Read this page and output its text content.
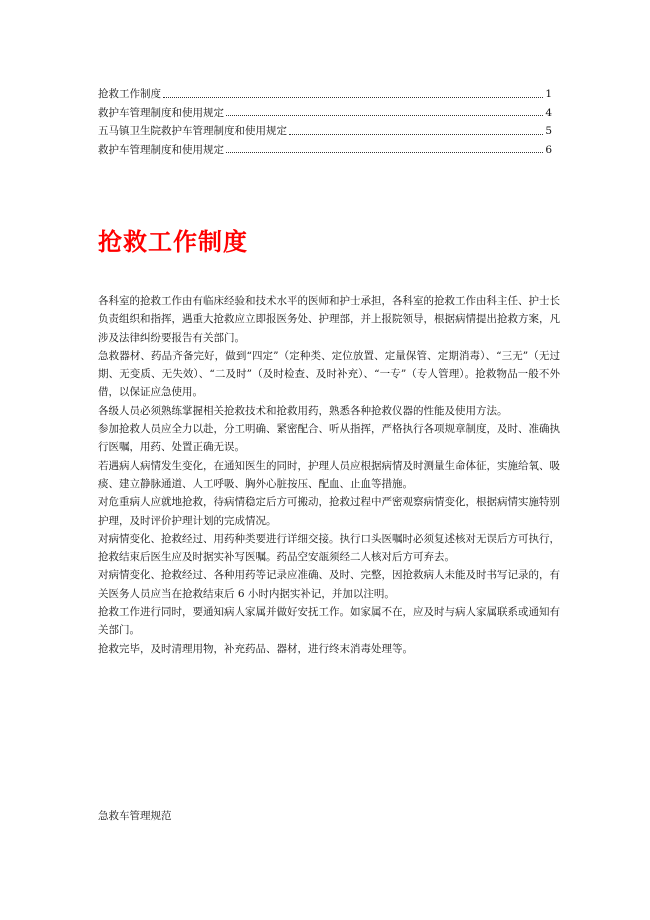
抢救工作制度	1
救护车管理制度和使用规定	4
五马镇卫生院救护车管理制度和使用规定	5
救护车管理制度和使用规定	6
抢救工作制度

各科室的抢救工作由有临床经验和技术水平的医师和护士承担，各科室的抢救工作由科主任、护士长负责组织和指挥，遇重大抢救应立即报医务处、护理部，并上报院领导，根据病情提出抢救方案，凡涉及法律纠纷要报告有关部门。

急救器材、药品齐备完好，做到“四定”（定种类、定位放置、定量保管、定期消毒）、“三无”（无过期、无变质、无失效）、“二及时”（及时检查、及时补充）、“一专”（专人管理）。抢救物品一般不外借，以保证应急使用。

各级人员必须熟练掌握相关抢救技术和抢救用药，熟悉各种抢救仪器的性能及使用方法。

参加抢救人员应全力以赴，分工明确、紧密配合、听从指挥，严格执行各项规章制度，及时、准确执行医嘱，用药、处置正确无误。

若遇病人病情发生变化，在通知医生的同时，护理人员应根据病情及时测量生命体征，实施给氧、吸痰、建立静脉通道、人工呼吸、胸外心脏按压、配血、止血等措施。

对危重病人应就地抢救，待病情稳定后方可搬动，抢救过程中严密观察病情变化，根据病情实施特别护理，及时评价护理计划的完成情况。

对病情变化、抢救经过、用药种类要进行详细交接。执行口头医嘱时必须复述核对无误后方可执行，抢救结束后医生应及时据实补写医嘱。药品空安瓿须经二人核对后方可弃去。

对病情变化、抢救经过、各种用药等记录应准确、及时、完整，因抢救病人未能及时书写记录的，有关医务人员应当在抢救结束后 6 小时内据实补记，并加以注明。

抢救工作进行同时，要通知病人家属并做好安抚工作。如家属不在，应及时与病人家属联系或通知有关部门。

抢救完毕，及时清理用物，补充药品、器材，进行终末消毒处理等。

急救车管理规范
